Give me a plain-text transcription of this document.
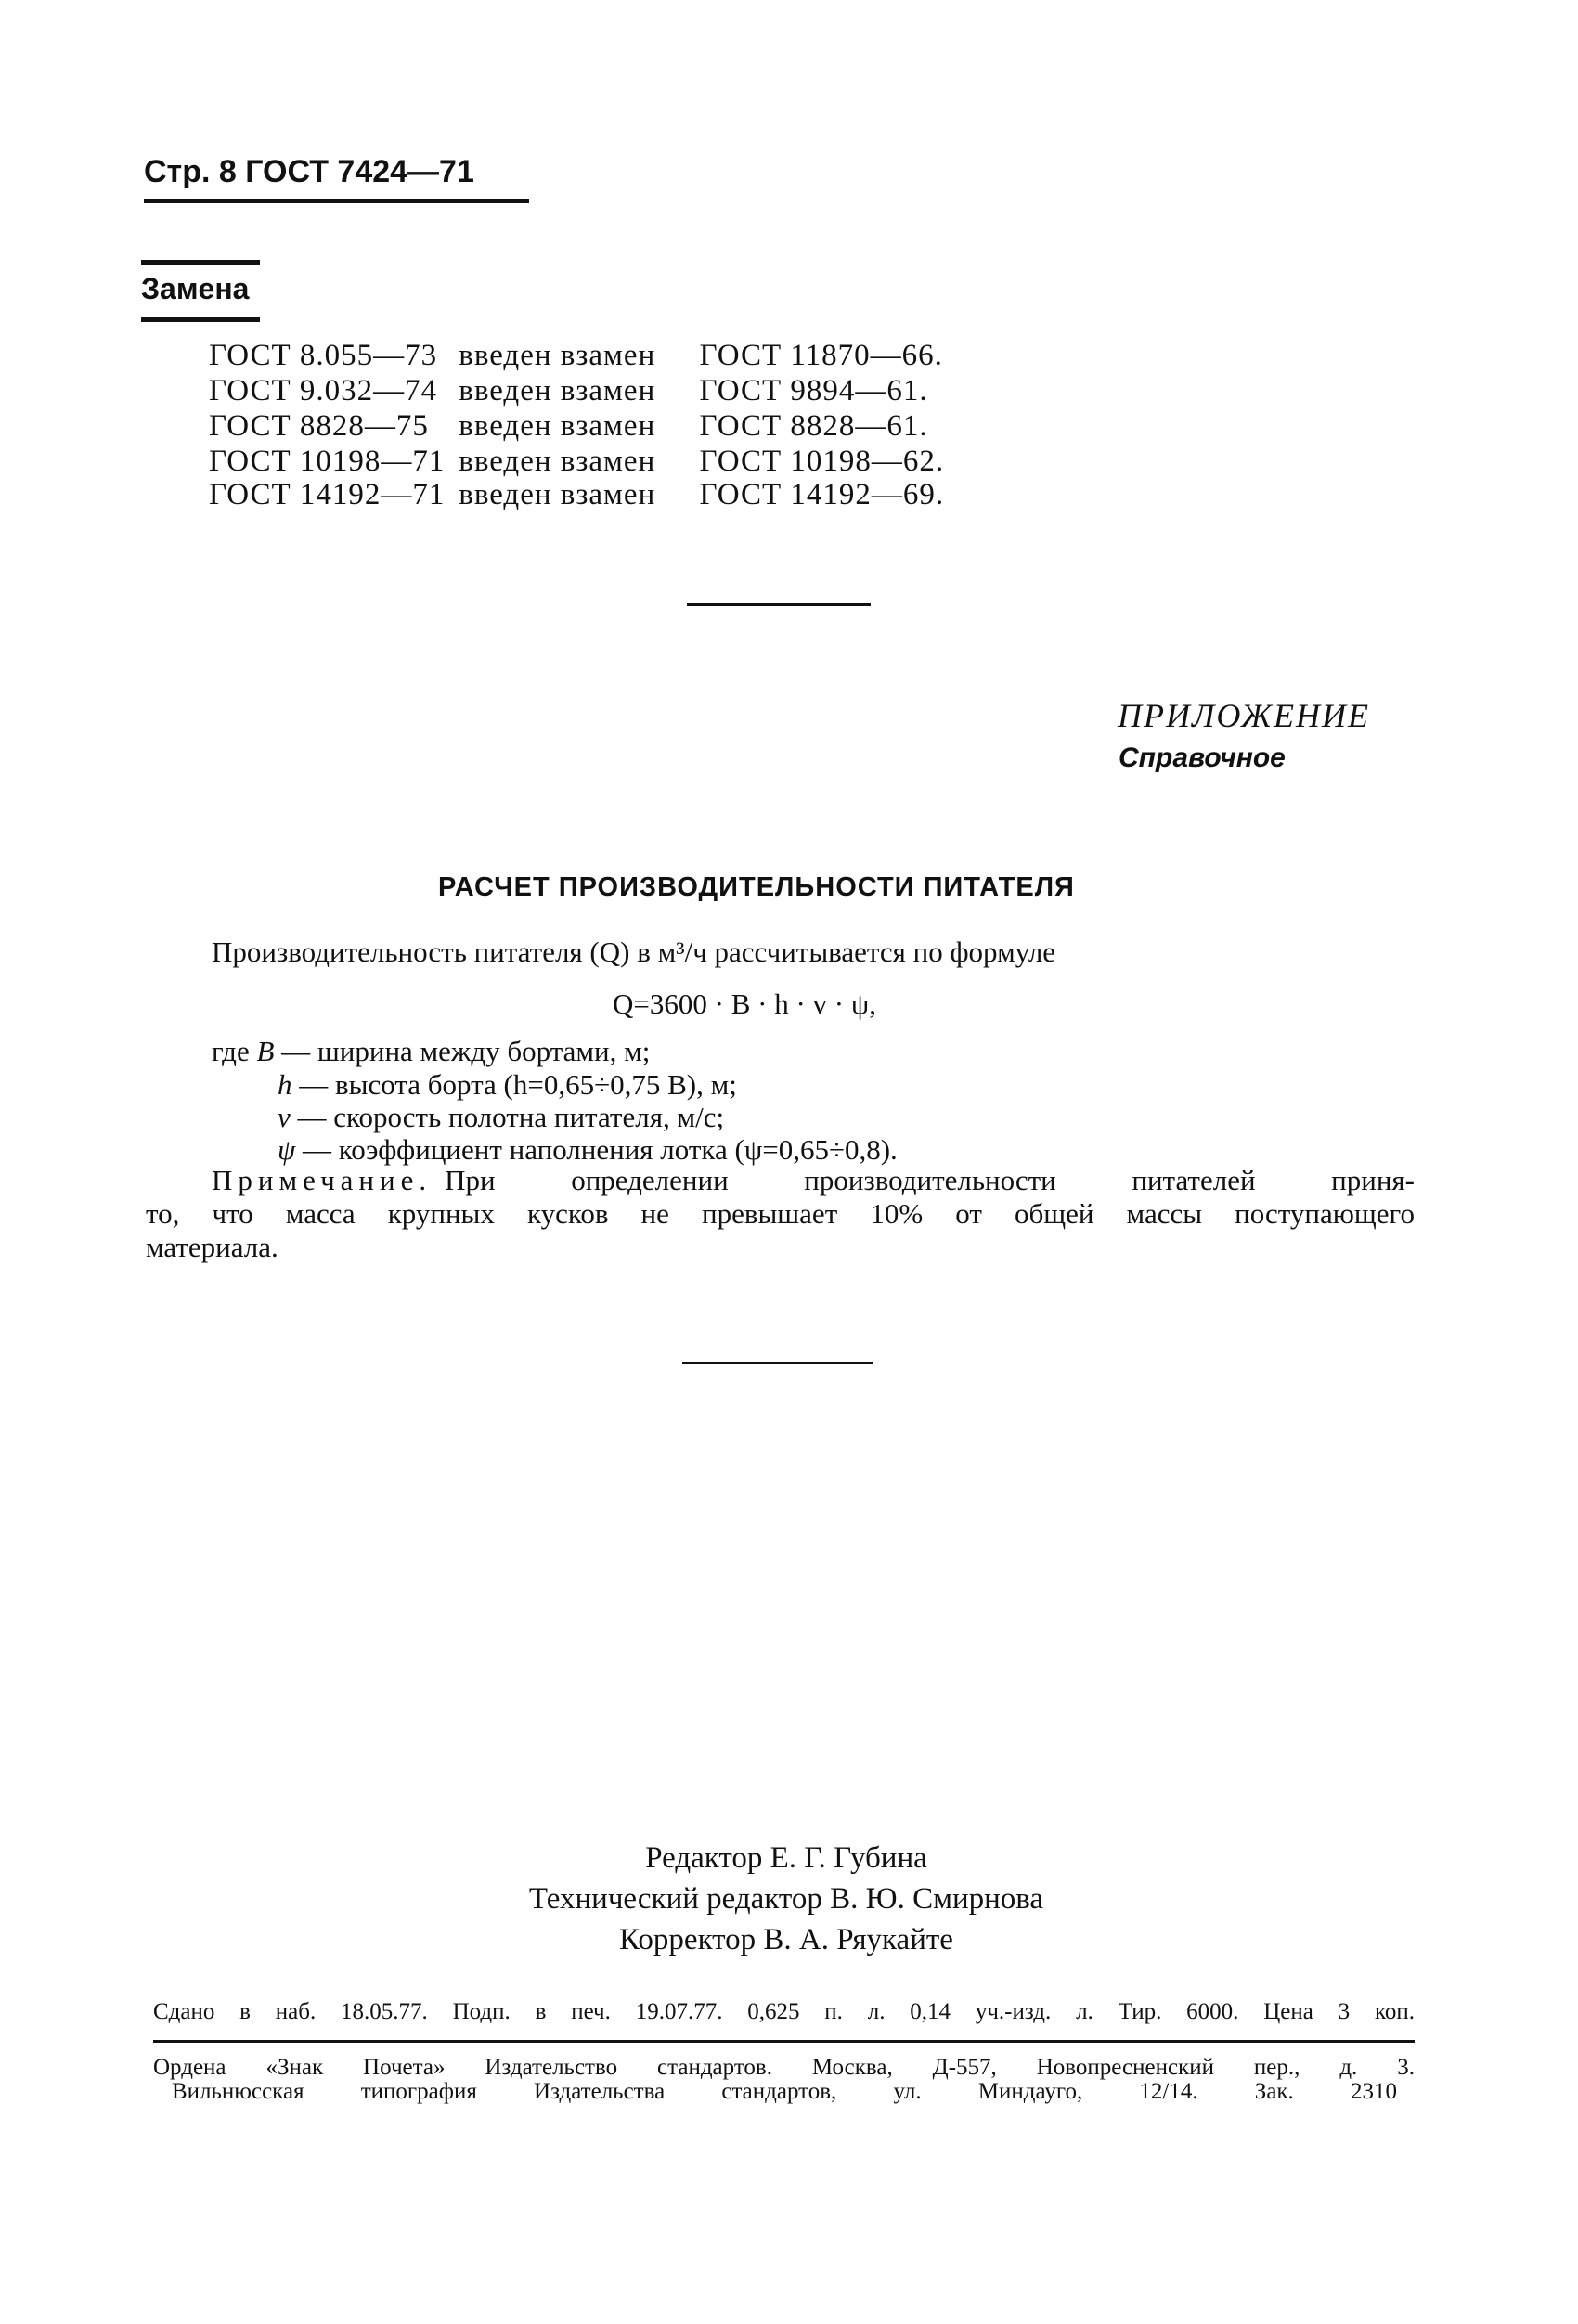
Стр. 8 ГОСТ 7424—71
Замена
ГОСТ 8.055—73 введен взамен ГОСТ 11870—66.
ГОСТ 9.032—74 введен взамен ГОСТ 9894—61.
ГОСТ 8828—75 введен взамен ГОСТ 8828—61.
ГОСТ 10198—71 введен взамен ГОСТ 10198—62.
ГОСТ 14192—71 введен взамен ГОСТ 14192—69.
ПРИЛОЖЕНИЕ
Справочное
РАСЧЕТ ПРОИЗВОДИТЕЛЬНОСТИ ПИТАТЕЛЯ
Производительность питателя (Q) в м³/ч рассчитывается по формуле
Q=3600 · B · h · v · ψ,
где B — ширина между бортами, м;
h — высота борта (h=0,65÷0,75 B), м;
v — скорость полотна питателя, м/с;
ψ — коэффициент наполнения лотка (ψ=0,65÷0,8).
Примечание. При определении производительности питателей приня-
то, что масса крупных кусков не превышает 10% от общей массы поступающего
материала.
Редактор Е. Г. Губина
Технический редактор В. Ю. Смирнова
Корректор В. А. Ряукайте
Сдано в наб. 18.05.77. Подп. в печ. 19.07.77. 0,625 п. л. 0,14 уч.-изд. л. Тир. 6000. Цена 3 коп.
Ордена «Знак Почета» Издательство стандартов. Москва, Д-557, Новопресненский пер., д. 3.
Вильнюсская типография Издательства стандартов, ул. Миндауго, 12/14. Зак. 2310
